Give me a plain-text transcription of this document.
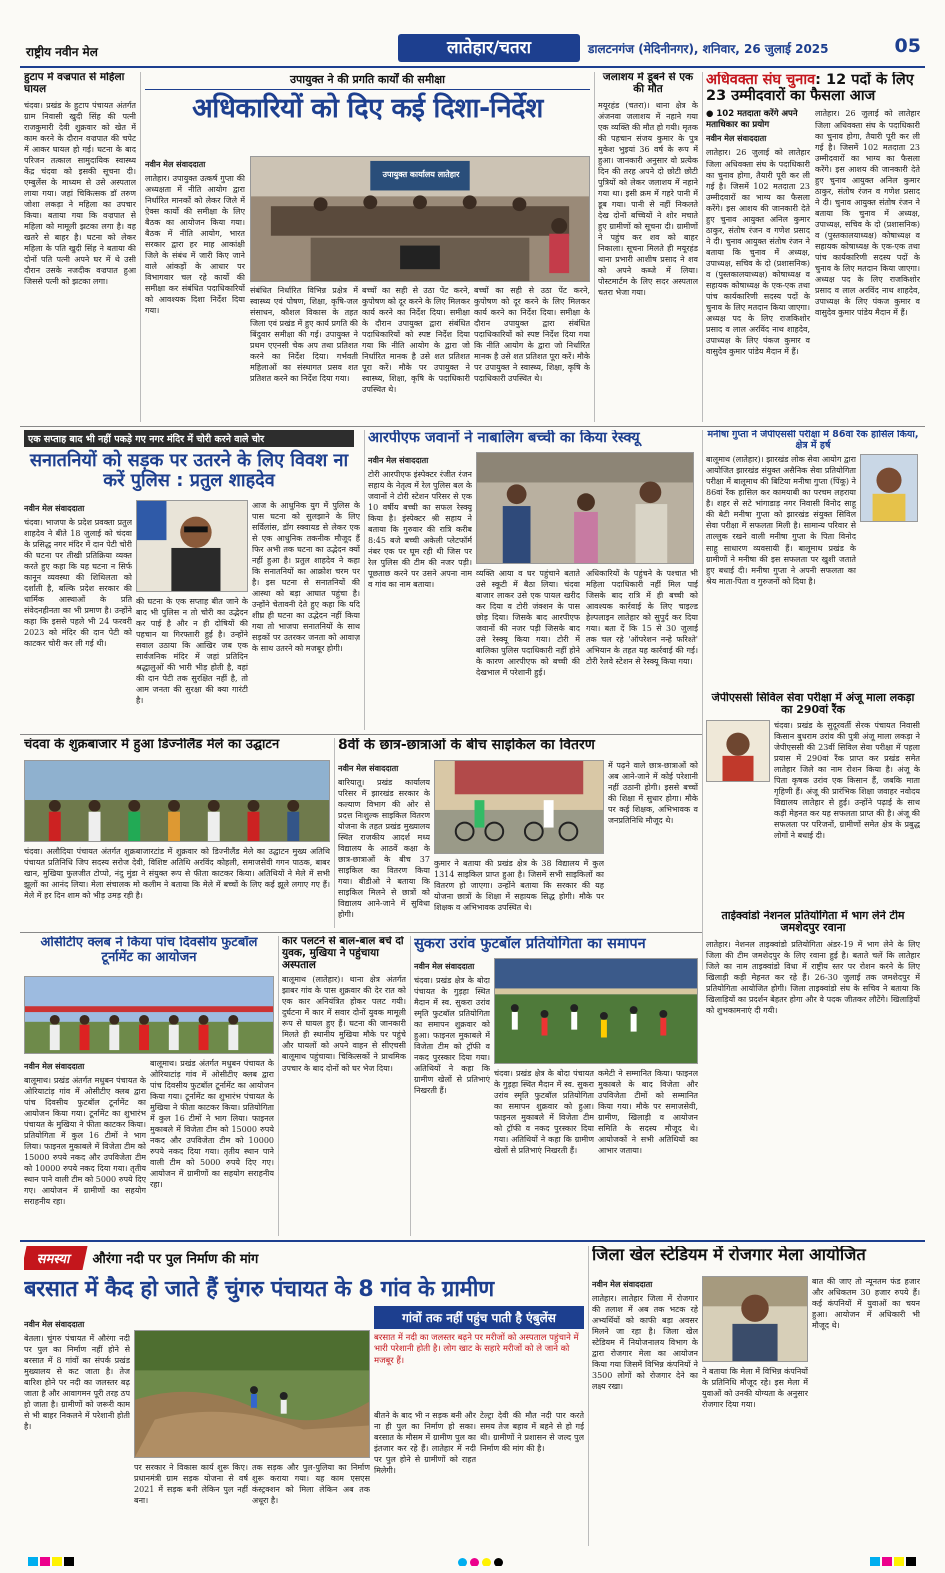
राष्ट्रीय नवीन मेल	लातेहार/चतरा	डालटनगंज (मेदिनीनगर), शनिवार, 26 जुलाई 2025	05
हुटाप में वज्रपात से महिला घायल
चंदवा। प्रखंड के हुटाप पंचायत अंतर्गत ग्राम निवासी खुदी सिंह की पत्नी राजकुमारी देवी शुक्रवार को खेत में काम करने के दौरान वज्रपात की चपेट में आकर घायल हो गई। घटना के बाद परिजन तत्काल सामुदायिक स्वास्थ्य केंद्र चंदवा को इसकी सूचना दी। एम्बुलेंस के माध्यम से उसे अस्पताल लाया गया। जहां चिकित्सक डॉ तरुण जोशा लकड़ा ने महिला का उपचार किया। बताया गया कि वज्रपात से महिला को मामूली झटका लगा है। वह खतरे से बाहर है। घटना को लेकर महिला के पति खुदी सिंह ने बताया की दोनों पति पत्नी अपने घर में थे उसी दौरान उसके नजदीक वज्रपात हुआ जिससे पत्नी को झटका लगा।
उपायुक्त ने की प्रगति कार्यों की समीक्षा
अधिकारियों को दिए कई दिशा-निर्देश
नवीन मेल संवाददाता
लातेहार। उपायुक्त उत्कर्ष गुप्ता की अध्यक्षता में नीति आयोग द्वारा निर्धारित मानकों को लेकर जिले में ए़ेक्स कार्यो की समीक्षा के लिए बैठक का आयोजन किया गया। बैठक में नीति आयोग, भारत सरकार द्वारा हर माह आकांक्षी जिले के संबंध में जारी किए जाने वाले आंकड़ों के आधार पर विभागवार चल रहे कार्यो की समीक्षा कर संबंधित पदाधिकारियों को आवश्यक दिशा निर्देश दिया गया।
उपायुक्त कार्यालय लातेहार
संबंधित निर्धारित विभिन्न प्रक्षेत्र में स्वास्थ्य एवं पोषण, शिक्षा, कृषि-जल संसाधन, कौशल विकास के तहत जिला एवं प्रखंड में हुए कार्य प्रगति की बिंदुवार समीक्षा की गई। उपायुक्त ने प्रथम एएनसी चेक अप तथा प्रतिशत करने का निर्देश दिया। गर्भवती महिलाओं का संस्थागत प्रसव शत प्रतिशत करने का निर्देश दिया गया।
बच्चों का सही से उठा पेंट करने, कुपोषण को दूर करने के लिए मिलकर कार्य करने का निर्देश दिया। समीक्षा के दौरान उपायुक्त द्वारा संबंधित पदाधिकारियों को स्पष्ट निर्देश दिया गया कि नीति आयोग के द्वारा जो निर्धारित मानक है उसे शत प्रतिशत पूरा करें। मौके पर उपायुक्त ने स्वास्थ्य, शिक्षा, कृषि के पदाधिकारी उपस्थित थे।
बच्चों का सही से उठा पेंट करने, कुपोषण को दूर करने के लिए मिलकर कार्य करने का निर्देश दिया। समीक्षा के दौरान उपायुक्त द्वारा संबंधित पदाधिकारियों को स्पष्ट निर्देश दिया गया कि नीति आयोग के द्वारा जो निर्धारित मानक है उसे शत प्रतिशत पूरा करें। मौके पर उपायुक्त ने स्वास्थ्य, शिक्षा, कृषि के पदाधिकारी उपस्थित थे।
जलाशय में डूबने से एक की मौत
मयूरहंड (चतरा)। थाना क्षेत्र के अंजनवा जलाशय में नहाने गया एक व्यक्ति की मौत हो गयी। मृतक की पहचान संजय कुमार के पुत्र मुकेश भुइयां 36 वर्ष के रूप में हुआ। जानकारी अनुसार वो प्रत्येक दिन की तरह अपने दो छोटी छोटी पुत्रियों को लेकर जलाशय में नहाने गया था। इसी क्रम में गहरे पानी में डूब गया। पानी से नहीं निकलते देख दोनों बच्चियों ने शोर मचाते हुए ग्रामीणों को सूचना दी। ग्रामीणों ने पहुंच कर शव को बाहर निकाला। सूचना मिलते ही मयूरहंड थाना प्रभारी आशीष प्रसाद ने शव को अपने कब्जे में लिया। पोस्टमार्टम के लिए सदर अस्पताल चतरा भेजा गया।
अधिवक्ता संघ चुनाव: 12 पदों के लिए 23 उम्मीदवारों का फैसला आज
● 102 मतदाता करेंगे अपने मताधिकार का प्रयोग
नवीन मेल संवाददाता
लातेहार। 26 जुलाई को लातेहार जिला अधिवक्ता संघ के पदाधिकारी का चुनाव होगा, तैयारी पूरी कर ली गई है। जिसमें 102 मतदाता 23 उम्मीदवारों का भाग्य का फैसला करेंगे। इस आशय की जानकारी देते हुए चुनाव आयुक्त अनिल कुमार ठाकुर, संतोष रंजन व गणेश प्रसाद ने दी। चुनाव आयुक्त संतोष रंजन ने बताया कि चुनाव में अध्यक्ष, उपाध्यक्ष, सचिव के दो (प्रशासनिक) व (पुस्तकालयाध्यक्ष) कोषाध्यक्ष व सहायक कोषाध्यक्ष के एक-एक तथा पांच कार्यकारिणी सदस्य पदों के चुनाव के लिए मतदान किया जाएगा। अध्यक्ष पद के लिए राजकिशोर प्रसाद व लाल अरविंद नाथ शाहदेव, उपाध्यक्ष के लिए पंकज कुमार व वासुदेव कुमार पांडेय मैदान में हैं।
लातेहार। 26 जुलाई को लातेहार जिला अधिवक्ता संघ के पदाधिकारी का चुनाव होगा, तैयारी पूरी कर ली गई है। जिसमें 102 मतदाता 23 उम्मीदवारों का भाग्य का फैसला करेंगे। इस आशय की जानकारी देते हुए चुनाव आयुक्त अनिल कुमार ठाकुर, संतोष रंजन व गणेश प्रसाद ने दी। चुनाव आयुक्त संतोष रंजन ने बताया कि चुनाव में अध्यक्ष, उपाध्यक्ष, सचिव के दो (प्रशासनिक) व (पुस्तकालयाध्यक्ष) कोषाध्यक्ष व सहायक कोषाध्यक्ष के एक-एक तथा पांच कार्यकारिणी सदस्य पदों के चुनाव के लिए मतदान किया जाएगा। अध्यक्ष पद के लिए राजकिशोर प्रसाद व लाल अरविंद नाथ शाहदेव, उपाध्यक्ष के लिए पंकज कुमार व वासुदेव कुमार पांडेय मैदान में हैं।
एक सप्ताह बाद भी नहीं पकड़े गए नगर मंदिर में चोरी करने वाले चोर
सनातनियों को सड़क पर उतरने के लिए विवश ना करें पुलिस : प्रतुल शाहदेव
नवीन मेल संवाददाता
चंदवा। भाजपा के प्रदेश प्रवक्ता प्रतुल शाहदेव ने बीते 18 जुलाई को चंदवा के प्रसिद्ध नगर मंदिर में दान पेटी चोरी की घटना पर तीखी प्रतिक्रिया व्यक्त करते हुए कहा कि यह घटना न सिर्फ कानून व्यवस्था की शिथिलता को दर्शाती है, बल्कि प्रदेश सरकार की धार्मिक आस्थाओं के प्रति संवेदनहीनता का भी प्रमाण है। उन्होंने कहा कि इससे पहले भी 24 फरवरी 2023 को मंदिर की दान पेटी को काटकर चोरी कर ली गई थी।
की घटना के एक सप्ताह बीत जाने के बाद भी पुलिस न तो चोरी का उद्भेदन कर पाई है और न ही दोषियों की पहचान या गिरफ्तारी हुई है। उन्होंने सवाल उठाया कि आखिर जब एक सार्वजनिक मंदिर में जहां प्रतिदिन श्रद्धालुओं की भारी भीड़ होती है, वहां की दान पेटी तक सुरक्षित नहीं है, तो आम जनता की सुरक्षा की क्या गारंटी है।
आज के आधुनिक युग में पुलिस के पास घटना को सुलझाने के लिए सर्विलांस, डॉग स्क्वायड से लेकर एक से एक आधुनिक तकनीक मौजूद हैं फिर अभी तक घटना का उद्भेदन क्यों नहीं हुआ है। प्रतुल शाहदेव ने कहा कि सनातनियों का आक्रोश चरम पर है। इस घटना से सनातनियों की आस्था को बड़ा आघात पहुंचा है। उन्होंने चेतावनी देते हुए कहा कि यदि शीघ्र ही घटना का उद्भेदन नहीं किया गया तो भाजपा सनातनियों के साथ सड़कों पर उतरकर जनता को आवाज़ के साथ उतरने को मजबूर होगी।
आरपीएफ जवानों ने नाबालिग बच्ची का किया रेस्क्यू
नवीन मेल संवाददाता
टोरी आरपीएफ इंस्पेक्टर रंजीत रंजन सहाय के नेतृत्व में रेल पुलिस बल के जवानों ने टोरी स्टेशन परिसर से एक 10 वर्षीय बच्ची का सफल रेस्क्यू किया है। इंस्पेक्टर श्री सहाय ने बताया कि गुरुवार की रात्रि करीब 8:45 बजे बच्ची अकेली प्लेटफॉर्म नंबर एक पर घूम रही थी जिस पर रेल पुलिस की टीम की नजर पड़ी। पूछताछ करने पर उसने अपना नाम व गांव का नाम बताया।
व्यक्ति आया व घर पहुंचाने बताते उसे स्कूटी में बैठा लिया। चंदवा बाजार लाकर उसे एक पायल खरीद कर दिया व टोरी जंक्शन के पास छोड़ दिया। जिसके बाद आरपीएफ जवानों की नजर पड़ी जिसके बाद उसे रेस्क्यू किया गया। टोरी में बालिका पुलिस पदाधिकारी नहीं होने के कारण आरपीएफ को बच्ची की देखभाल में परेशानी हुई।
अधिकारियों के पहुंचने के पश्चात भी महिला पदाधिकारी नहीं मिल पाई जिसके बाद रात्रि में ही बच्ची को आवश्यक कार्रवाई के लिए चाइल्ड हेल्पलाइन लातेहार को सुपुर्द कर दिया गया। बता दें कि 15 से 30 जुलाई तक चल रहे 'ऑपरेशन नन्हे फरिश्ते' अभियान के तहत यह कार्रवाई की गई। टोरी रेलवे स्टेशन से रेस्क्यू किया गया।
मनीषा गुप्ता ने जेपीएससी परीक्षा में 86वां रैंक हासिल किया, क्षेत्र में हर्ष
बालूमाथ (लातेहार)। झारखंड लोक सेवा आयोग द्वारा आयोजित झारखंड संयुक्त असैनिक सेवा प्रतियोगिता परीक्षा में बालूमाथ की बिटिया मनीषा गुप्ता (पिंकू) ने 86वां रैंक हासिल कर कामयाबी का परचम लहराया है। शहर से सटे भांगाडाड़ नगर निवासी विनोद साहू की बेटी मनीषा गुप्ता को झारखंड संयुक्त सिविल सेवा परीक्षा में सफलता मिली है। सामान्य परिवार से ताल्लुक रखने वाली मनीषा गुप्ता के पिता विनोद साहू साधारण व्यवसायी हैं। बालूमाथ प्रखंड के ग्रामीणों ने मनीषा की इस सफलता पर खुशी जताते हुए बधाई दी। मनीषा गुप्ता ने अपनी सफलता का श्रेय माता-पिता व गुरुजनों को दिया है।
जेपीएससी सिविल सेवा परीक्षा में अंजू माला लकड़ा का 290वां रैंक
चंदवा। प्रखंड के सुदूरवर्ती सेरक पंचायत निवासी किसान बुधराम उरांव की पुत्री अंजू माला लकड़ा ने जेपीएससी की 23वीं सिविल सेवा परीक्षा में पहला प्रयास में 290वां रैंक प्राप्त कर प्रखंड समेत लातेहार जिले का नाम रोशन किया है। अंजू के पिता कृषक उरांव एक किसान हैं, जबकि माता गृहिणी हैं। अंजू की प्रारंभिक शिक्षा जवाहर नवोदय विद्यालय लातेहार से हुई। उन्होंने पढ़ाई के साथ कड़ी मेहनत कर यह सफलता प्राप्त की है। अंजू की सफलता पर परिजनों, ग्रामीणों समेत क्षेत्र के प्रबुद्ध लोगों ने बधाई दी।
ताईक्वांडो नेशनल प्रतियोगिता में भाग लेने टीम जमशेदपुर रवाना
लातेहार। नेशनल ताइक्वांडो प्रतियोगिता अंडर-19 में भाग लेने के लिए जिला की टीम जमशेदपुर के लिए रवाना हुई है। बताते चलें कि लातेहार जिले का नाम ताइक्वांडो विधा में राष्ट्रीय स्तर पर रोशन करने के लिए खिलाड़ी कड़ी मेहनत कर रहे हैं। 26-30 जुलाई तक जमशेदपुर में प्रतियोगिता आयोजित होगी। जिला ताइक्वांडो संघ के सचिव ने बताया कि खिलाड़ियों का प्रदर्शन बेहतर होगा और वे पदक जीतकर लौटेंगे। खिलाड़ियों को शुभकामनाएं दी गयी।
चंदवा के शुक्रबाजार में हुआ डिज्नीलैंड मेले का उद्घाटन
चंदवा। अलौदिया पंचायत अंतर्गत शुक्रबाजारटांड में शुक्रवार को डिज्नीलैंड मेले का उद्घाटन मुख्य अतिथि पंचायत प्रतिनिधि जिप सदस्य सरोज देवी, विशिष्ट अतिथि अरविंद कोहली, समाजसेवी गगन पाठक, बाबर खान, मुखिया फुलजीत टोप्पो, नंदु मुंडा ने संयुक्त रूप से फीता काटकर किया। अतिथियों ने मेले में सभी झूलों का आनंद लिया। मेला संचालक मो कलीम ने बताया कि मेले में बच्चों के लिए कई झूले लगाए गए हैं। मेले में हर दिन शाम को भीड़ उमड़ रही है।
8वीं के छात्र-छात्राओं के बीच साइकिल का वितरण
नवीन मेल संवाददाता
बारियातू। प्रखंड कार्यालय परिसर में झारखंड सरकार के कल्याण विभाग की ओर से प्रदत्त निःशुल्क साइकिल वितरण योजना के तहत प्रखंड मुख्यालय स्थित राजकीय आदर्श मध्य विद्यालय के आठवें कक्षा के छात्र-छात्राओं के बीच 37 साइकिल का वितरण किया गया। बीडीओ ने बताया कि साइकिल मिलने से छात्रों को विद्यालय आने-जाने में सुविधा होगी।
कुमार ने बताया की प्रखंड क्षेत्र के 38 विद्यालय में कुल 1314 साइकिल प्राप्त हुआ है। जिसमें सभी साइकिलों का वितरण हो जाएगा। उन्होंने बताया कि सरकार की यह योजना छात्रों के शिक्षा में सहायक सिद्ध होगी। मौके पर शिक्षक व अभिभावक उपस्थित थे।
में पढ़ने वाले छात्र-छात्राओं को अब आने-जाने में कोई परेशानी नहीं उठानी होगी। इससे बच्चों की शिक्षा में सुधार होगा। मौके पर कई शिक्षक, अभिभावक व जनप्रतिनिधि मौजूद थे।
ओसीटीए क्लब ने किया पांच दिवसीय फुटबॉल टूर्नामेंट का आयोजन
नवीन मेल संवाददाता
बालूमाथ। प्रखंड अंतर्गत मधुबन पंचायत के ओरियाटांड़ गांव में ओसीटीए क्लब द्वारा पांच दिवसीय फुटबॉल टूर्नामेंट का आयोजन किया गया। टूर्नामेंट का शुभारंभ पंचायत के मुखिया ने फीता काटकर किया। प्रतियोगिता में कुल 16 टीमों ने भाग लिया। फाइनल मुकाबले में विजेता टीम को 15000 रुपये नकद और उपविजेता टीम को 10000 रुपये नकद दिया गया। तृतीय स्थान पाने वाली टीम को 5000 रुपये दिए गए। आयोजन में ग्रामीणों का सहयोग सराहनीय रहा।
बालूमाथ। प्रखंड अंतर्गत मधुबन पंचायत के ओरियाटांड़ गांव में ओसीटीए क्लब द्वारा पांच दिवसीय फुटबॉल टूर्नामेंट का आयोजन किया गया। टूर्नामेंट का शुभारंभ पंचायत के मुखिया ने फीता काटकर किया। प्रतियोगिता में कुल 16 टीमों ने भाग लिया। फाइनल मुकाबले में विजेता टीम को 15000 रुपये नकद और उपविजेता टीम को 10000 रुपये नकद दिया गया। तृतीय स्थान पाने वाली टीम को 5000 रुपये दिए गए। आयोजन में ग्रामीणों का सहयोग सराहनीय रहा।
कार पलटने से बाल-बाल बचे दो युवक, मुखिया ने पहुंचाया अस्पताल
बालूमाथ (लातेहार)। थाना क्षेत्र अंतर्गत झाबर गांव के पास शुक्रवार की देर रात को एक कार अनियंत्रित होकर पलट गयी। दुर्घटना में कार में सवार दोनों युवक मामूली रूप से घायल हुए हैं। घटना की जानकारी मिलते ही स्थानीय मुखिया मौके पर पहुंचे और घायलों को अपने वाहन से सीएचसी बालूमाथ पहुंचाया। चिकित्सकों ने प्राथमिक उपचार के बाद दोनों को घर भेज दिया।
सुकरा उरांव फुटबॉल प्रतियोगिता का समापन
नवीन मेल संवाददाता
चंदवा। प्रखंड क्षेत्र के बोदा पंचायत के गुड़हा स्थित मैदान में स्व. सुकरा उरांव स्मृति फुटबॉल प्रतियोगिता का समापन शुक्रवार को हुआ। फाइनल मुकाबले में विजेता टीम को ट्रॉफी व नकद पुरस्कार दिया गया। अतिथियों ने कहा कि ग्रामीण खेलों से प्रतिभाएं निखरती हैं।
चंदवा। प्रखंड क्षेत्र के बोदा पंचायत के गुड़हा स्थित मैदान में स्व. सुकरा उरांव स्मृति फुटबॉल प्रतियोगिता का समापन शुक्रवार को हुआ। फाइनल मुकाबले में विजेता टीम को ट्रॉफी व नकद पुरस्कार दिया गया। अतिथियों ने कहा कि ग्रामीण खेलों से प्रतिभाएं निखरती हैं।
कमेटी ने सम्मानित किया। फाइनल मुकाबले के बाद विजेता और उपविजेता टीमों को सम्मानित किया गया। मौके पर समाजसेवी, ग्रामीण, खिलाड़ी व आयोजन समिति के सदस्य मौजूद थे। आयोजकों ने सभी अतिथियों का आभार जताया।
समस्या	औरंगा नदी पर पुल निर्माण की मांग
बरसात में कैद हो जाते हैं चुंगरु पंचायत के 8 गांव के ग्रामीण
नवीन मेल संवाददाता
बेतला। चुंगरु पंचायत में औरंगा नदी पर पुल का निर्माण नहीं होने से बरसात में 8 गांवों का संपर्क प्रखंड मुख्यालय से कट जाता है। तेज बारिश होने पर नदी का जलस्तर बढ़ जाता है और आवागमन पूरी तरह ठप हो जाता है। ग्रामीणों को जरूरी काम से भी बाहर निकलने में परेशानी होती है।
पर सरकार ने विकास कार्य शुरू किए। प्रधानमंत्री ग्राम सड़क योजना से वर्ष 2021 में सड़क बनी लेकिन पुल नहीं बना।
तक सड़क और पुल-पुलिया का निर्माण शुरू कराया गया। यह काम एसएस कंस्ट्रक्शन को मिला लेकिन अब तक अधूरा है।
गांवों तक नहीं पहुंच पाती है एंबुलेंस
बरसात में नदी का जलस्तर बढ़ने पर मरीजों को अस्पताल पहुंचाने में भारी परेशानी होती है। लोग खाट के सहारे मरीजों को ले जाने को मजबूर हैं।
बीतने के बाद भी न सड़क बनी और ना ही पुल का निर्माण हो सका। बरसात के मौसम में ग्रामीण पुल का इंतजार कर रहे हैं। लातेहार में नदी पर पुल होने से ग्रामीणों को राहत मिलेगी।
टेल्ट्रा देवी की मौत नदी पार करते समय तेज बहाव में बहने से हो गई थी। ग्रामीणों ने प्रशासन से जल्द पुल निर्माण की मांग की है।
जिला खेल स्टेडियम में रोजगार मेला आयोजित
नवीन मेल संवाददाता
लातेहार। लातेहार जिला में रोजगार की तलाश में अब तक भटक रहे अभ्यर्थियों को काफी बड़ा अवसर मिलने जा रहा है। जिला खेल स्टेडियम में नियोजनालय विभाग के द्वारा रोजगार मेला का आयोजन किया गया जिसमें विभिन्न कंपनियों ने 3500 लोगों को रोजगार देने का लक्ष्य रखा।
ने बताया कि मेला में विभिन्न कंपनियों के प्रतिनिधि मौजूद रहे। इस मेला में युवाओं को उनकी योग्यता के अनुसार रोजगार दिया गया।
बात की जाए तो न्यूनतम फंड हजार और अधिकतम 30 हजार रुपये हैं। कई कंपनियों में युवाओं का चयन हुआ। आयोजन में अधिकारी भी मौजूद थे।
